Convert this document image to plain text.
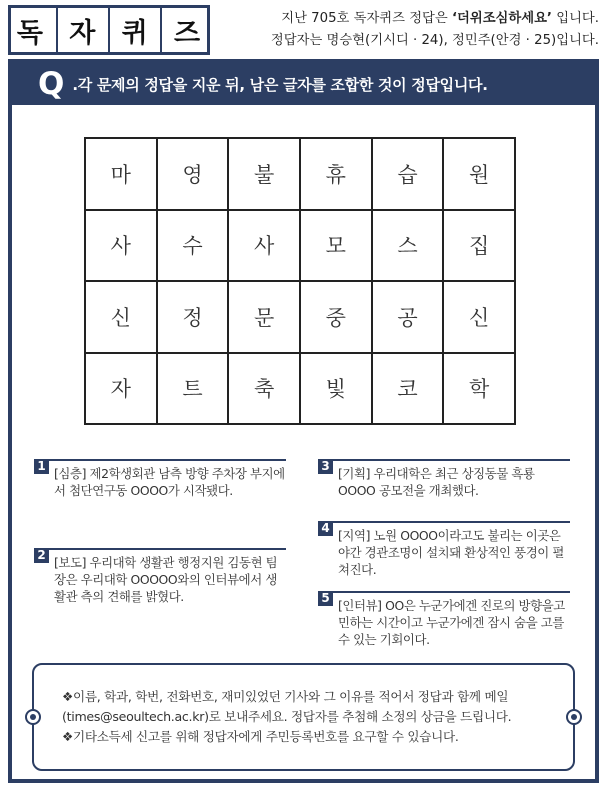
독 자 퀴 즈	지난 705호 독자퀴즈 정답은 ‘더위조심하세요’ 입니다.
정답자는 명승현(기시디 · 24), 정민주(안경 · 25)입니다.
Q .각 문제의 정답을 지운 뒤, 남은 글자를 조합한 것이 정답입니다.
마	영	불	휴	습	원
사	수	사	모	스	집
신	정	문	중	공	신
자	트	축	빛	코	학
1 [심층] 제2학생회관 남측 방향 주차장 부지에서 첨단연구동 OOOO가 시작됐다.
2 [보도] 우리대학 생활관 행정지원 김동현 팀장은 우리대학 OOOOO와의 인터뷰에서 생활관 측의 견해를 밝혔다.
3 [기획] 우리대학은 최근 상징동물 흑룡 OOOO 공모전을 개최했다.
4 [지역] 노원 OOOO이라고도 불리는 이곳은 야간 경관조명이 설치돼 환상적인 풍경이 펼쳐진다.
5 [인터뷰] OO은 누군가에겐 진로의 방향을고민하는 시간이고 누군가에겐 잠시 숨을 고를 수 있는 기회이다.

❖이름, 학과, 학번, 전화번호, 재미있었던 기사와 그 이유를 적어서 정답과 함께 메일

(times@seoultech.ac.kr)로 보내주세요. 정답자를 추첨해 소정의 상금을 드립니다.

❖기타소득세 신고를 위해 정답자에게 주민등록번호를 요구할 수 있습니다.
